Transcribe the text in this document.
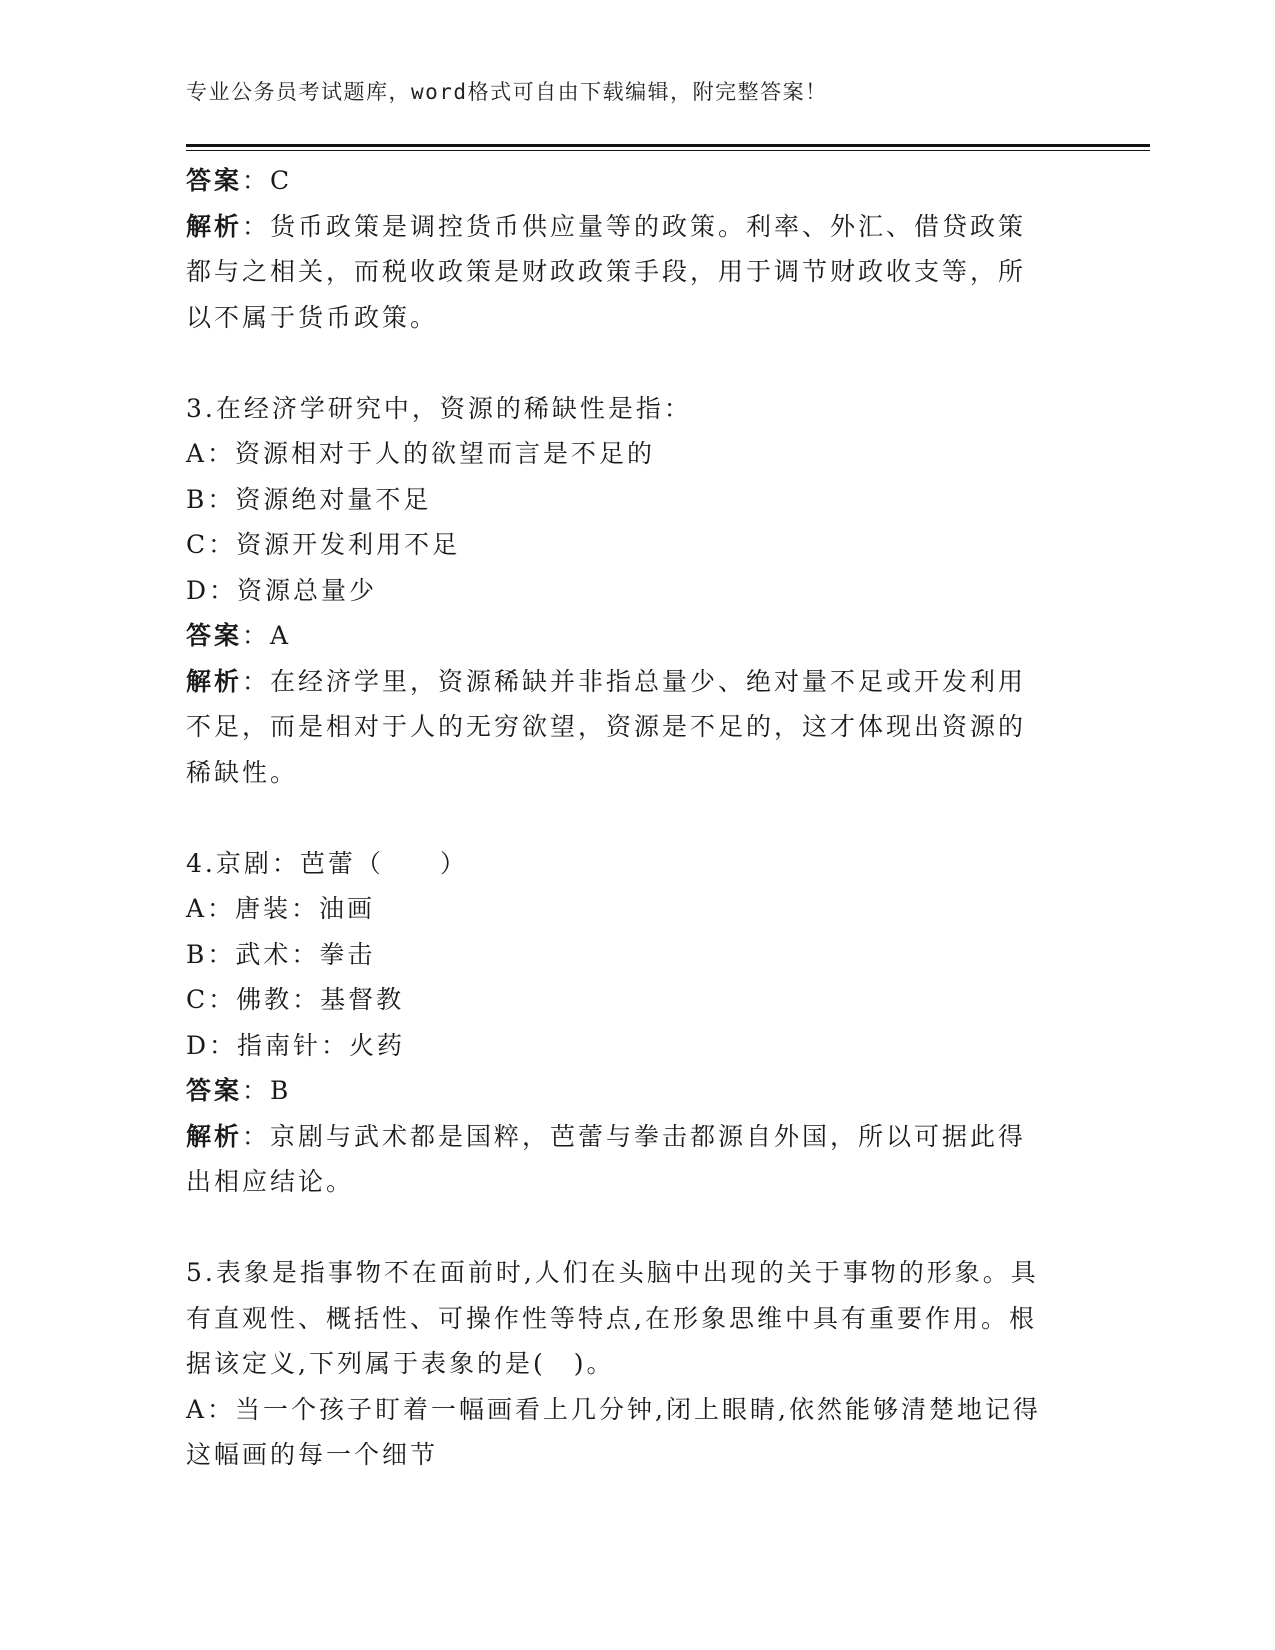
专业公务员考试题库，word格式可自由下载编辑，附完整答案！
答案：C
解析：货币政策是调控货币供应量等的政策。利率、外汇、借贷政策
都与之相关，而税收政策是财政政策手段，用于调节财政收支等，所
以不属于货币政策。
3.在经济学研究中，资源的稀缺性是指：
A：资源相对于人的欲望而言是不足的
B：资源绝对量不足
C：资源开发利用不足
D：资源总量少
答案：A
解析：在经济学里，资源稀缺并非指总量少、绝对量不足或开发利用
不足，而是相对于人的无穷欲望，资源是不足的，这才体现出资源的
稀缺性。
4.京剧：芭蕾（　　）
A：唐装：油画
B：武术：拳击
C：佛教：基督教
D：指南针：火药
答案：B
解析：京剧与武术都是国粹，芭蕾与拳击都源自外国，所以可据此得
出相应结论。
5.表象是指事物不在面前时,人们在头脑中出现的关于事物的形象。具
有直观性、概括性、可操作性等特点,在形象思维中具有重要作用。根
据该定义,下列属于表象的是(　)。
A：当一个孩子盯着一幅画看上几分钟,闭上眼睛,依然能够清楚地记得
这幅画的每一个细节
